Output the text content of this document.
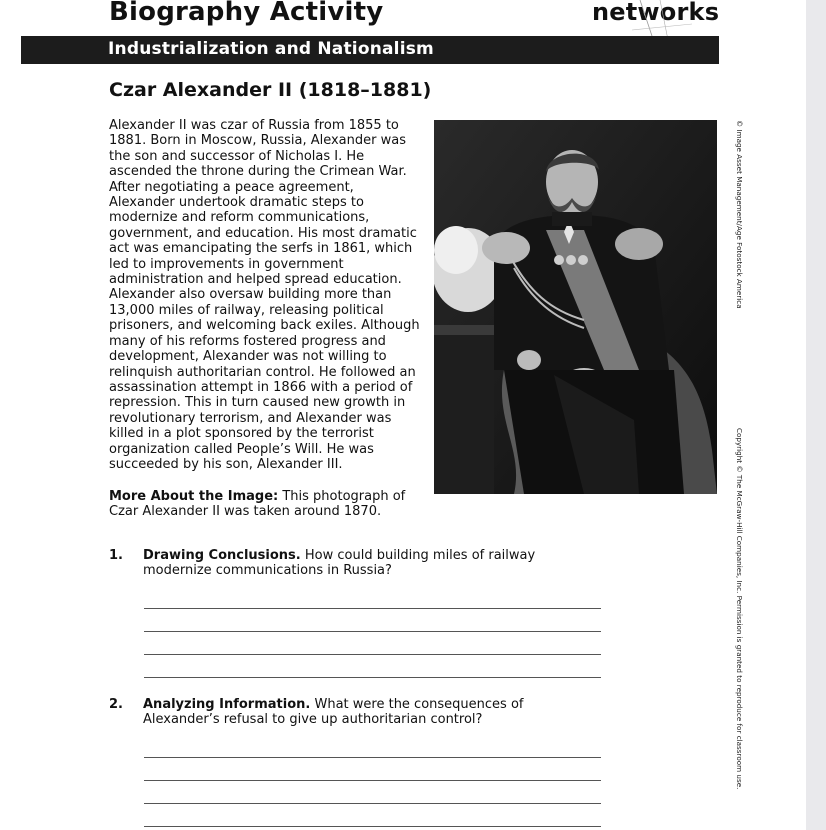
Biography Activity	networks
Industrialization and Nationalism
Czar Alexander II (1818–1881)
Alexander II was czar of Russia from 1855 to
1881. Born in Moscow, Russia, Alexander was
the son and successor of Nicholas I. He
ascended the throne during the Crimean War.
After negotiating a peace agreement,
Alexander undertook dramatic steps to
modernize and reform communications,
government, and education. His most dramatic
act was emancipating the serfs in 1861, which
led to improvements in government
administration and helped spread education.
Alexander also oversaw building more than
13,000 miles of railway, releasing political
prisoners, and welcoming back exiles. Although
many of his reforms fostered progress and
development, Alexander was not willing to
relinquish authoritarian control. He followed an
assassination attempt in 1866 with a period of
repression. This in turn caused new growth in
revolutionary terrorism, and Alexander was
killed in a plot sponsored by the terrorist
organization called People’s Will. He was
succeeded by his son, Alexander III.
More About the Image: This photograph of
Czar Alexander II was taken around 1870.
1. Drawing Conclusions. How could building miles of railway
modernize communications in Russia?
2. Analyzing Information. What were the consequences of
Alexander’s refusal to give up authoritarian control?
© Image Asset Management/Age Fotostock America
Copyright © The McGraw-Hill Companies, Inc. Permission is granted to reproduce for classroom use.
